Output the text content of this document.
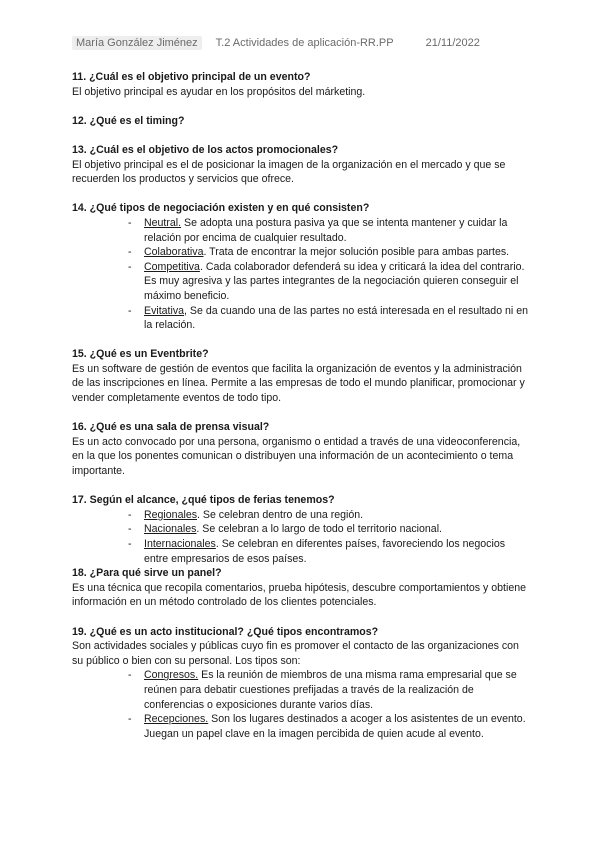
María González Jiménez	T.2 Actividades de aplicación-RR.PP	21/11/2022

11. ¿Cuál es el objetivo principal de un evento?

El objetivo principal es ayudar en los propósitos del márketing.

12. ¿Qué es el timing?

13. ¿Cuál es el objetivo de los actos promocionales?

El objetivo principal es el de posicionar la imagen de la organización en el mercado y que se recuerden los productos y servicios que ofrece.

14. ¿Qué tipos de negociación existen y en qué consisten?

- Neutral. Se adopta una postura pasiva ya que se intenta mantener y cuidar la relación por encima de cualquier resultado.
- Colaborativa. Trata de encontrar la mejor solución posible para ambas partes.
- Competitiva. Cada colaborador defenderá su idea y criticará la idea del contrario. Es muy agresiva y las partes integrantes de la negociación quieren conseguir el máximo beneficio.
- Evitativa, Se da cuando una de las partes no está interesada en el resultado ni en la relación.

15. ¿Qué es un Eventbrite?

Es un software de gestión de eventos que facilita la organización de eventos y la administración de las inscripciones en línea. Permite a las empresas de todo el mundo planificar, promocionar y vender completamente eventos de todo tipo.

16. ¿Qué es una sala de prensa visual?

Es un acto convocado por una persona, organismo o entidad a través de una videoconferencia, en la que los ponentes comunican o distribuyen una información de un acontecimiento o tema importante.

17. Según el alcance, ¿qué tipos de ferias tenemos?

- Regionales. Se celebran dentro de una región.
- Nacionales. Se celebran a lo largo de todo el territorio nacional.
- Internacionales. Se celebran en diferentes países, favoreciendo los negocios entre empresarios de esos países.

18. ¿Para qué sirve un panel?

Es una técnica que recopila comentarios, prueba hipótesis, descubre comportamientos y obtiene información en un método controlado de los clientes potenciales.

19. ¿Qué es un acto institucional? ¿Qué tipos encontramos?

Son actividades sociales y públicas cuyo fin es promover el contacto de las organizaciones con su público o bien con su personal. Los tipos son:

- Congresos. Es la reunión de miembros de una misma rama empresarial que se reúnen para debatir cuestiones prefijadas a través de la realización de conferencias o exposiciones durante varios días.
- Recepciones. Son los lugares destinados a acoger a los asistentes de un evento. Juegan un papel clave en la imagen percibida de quien acude al evento.
